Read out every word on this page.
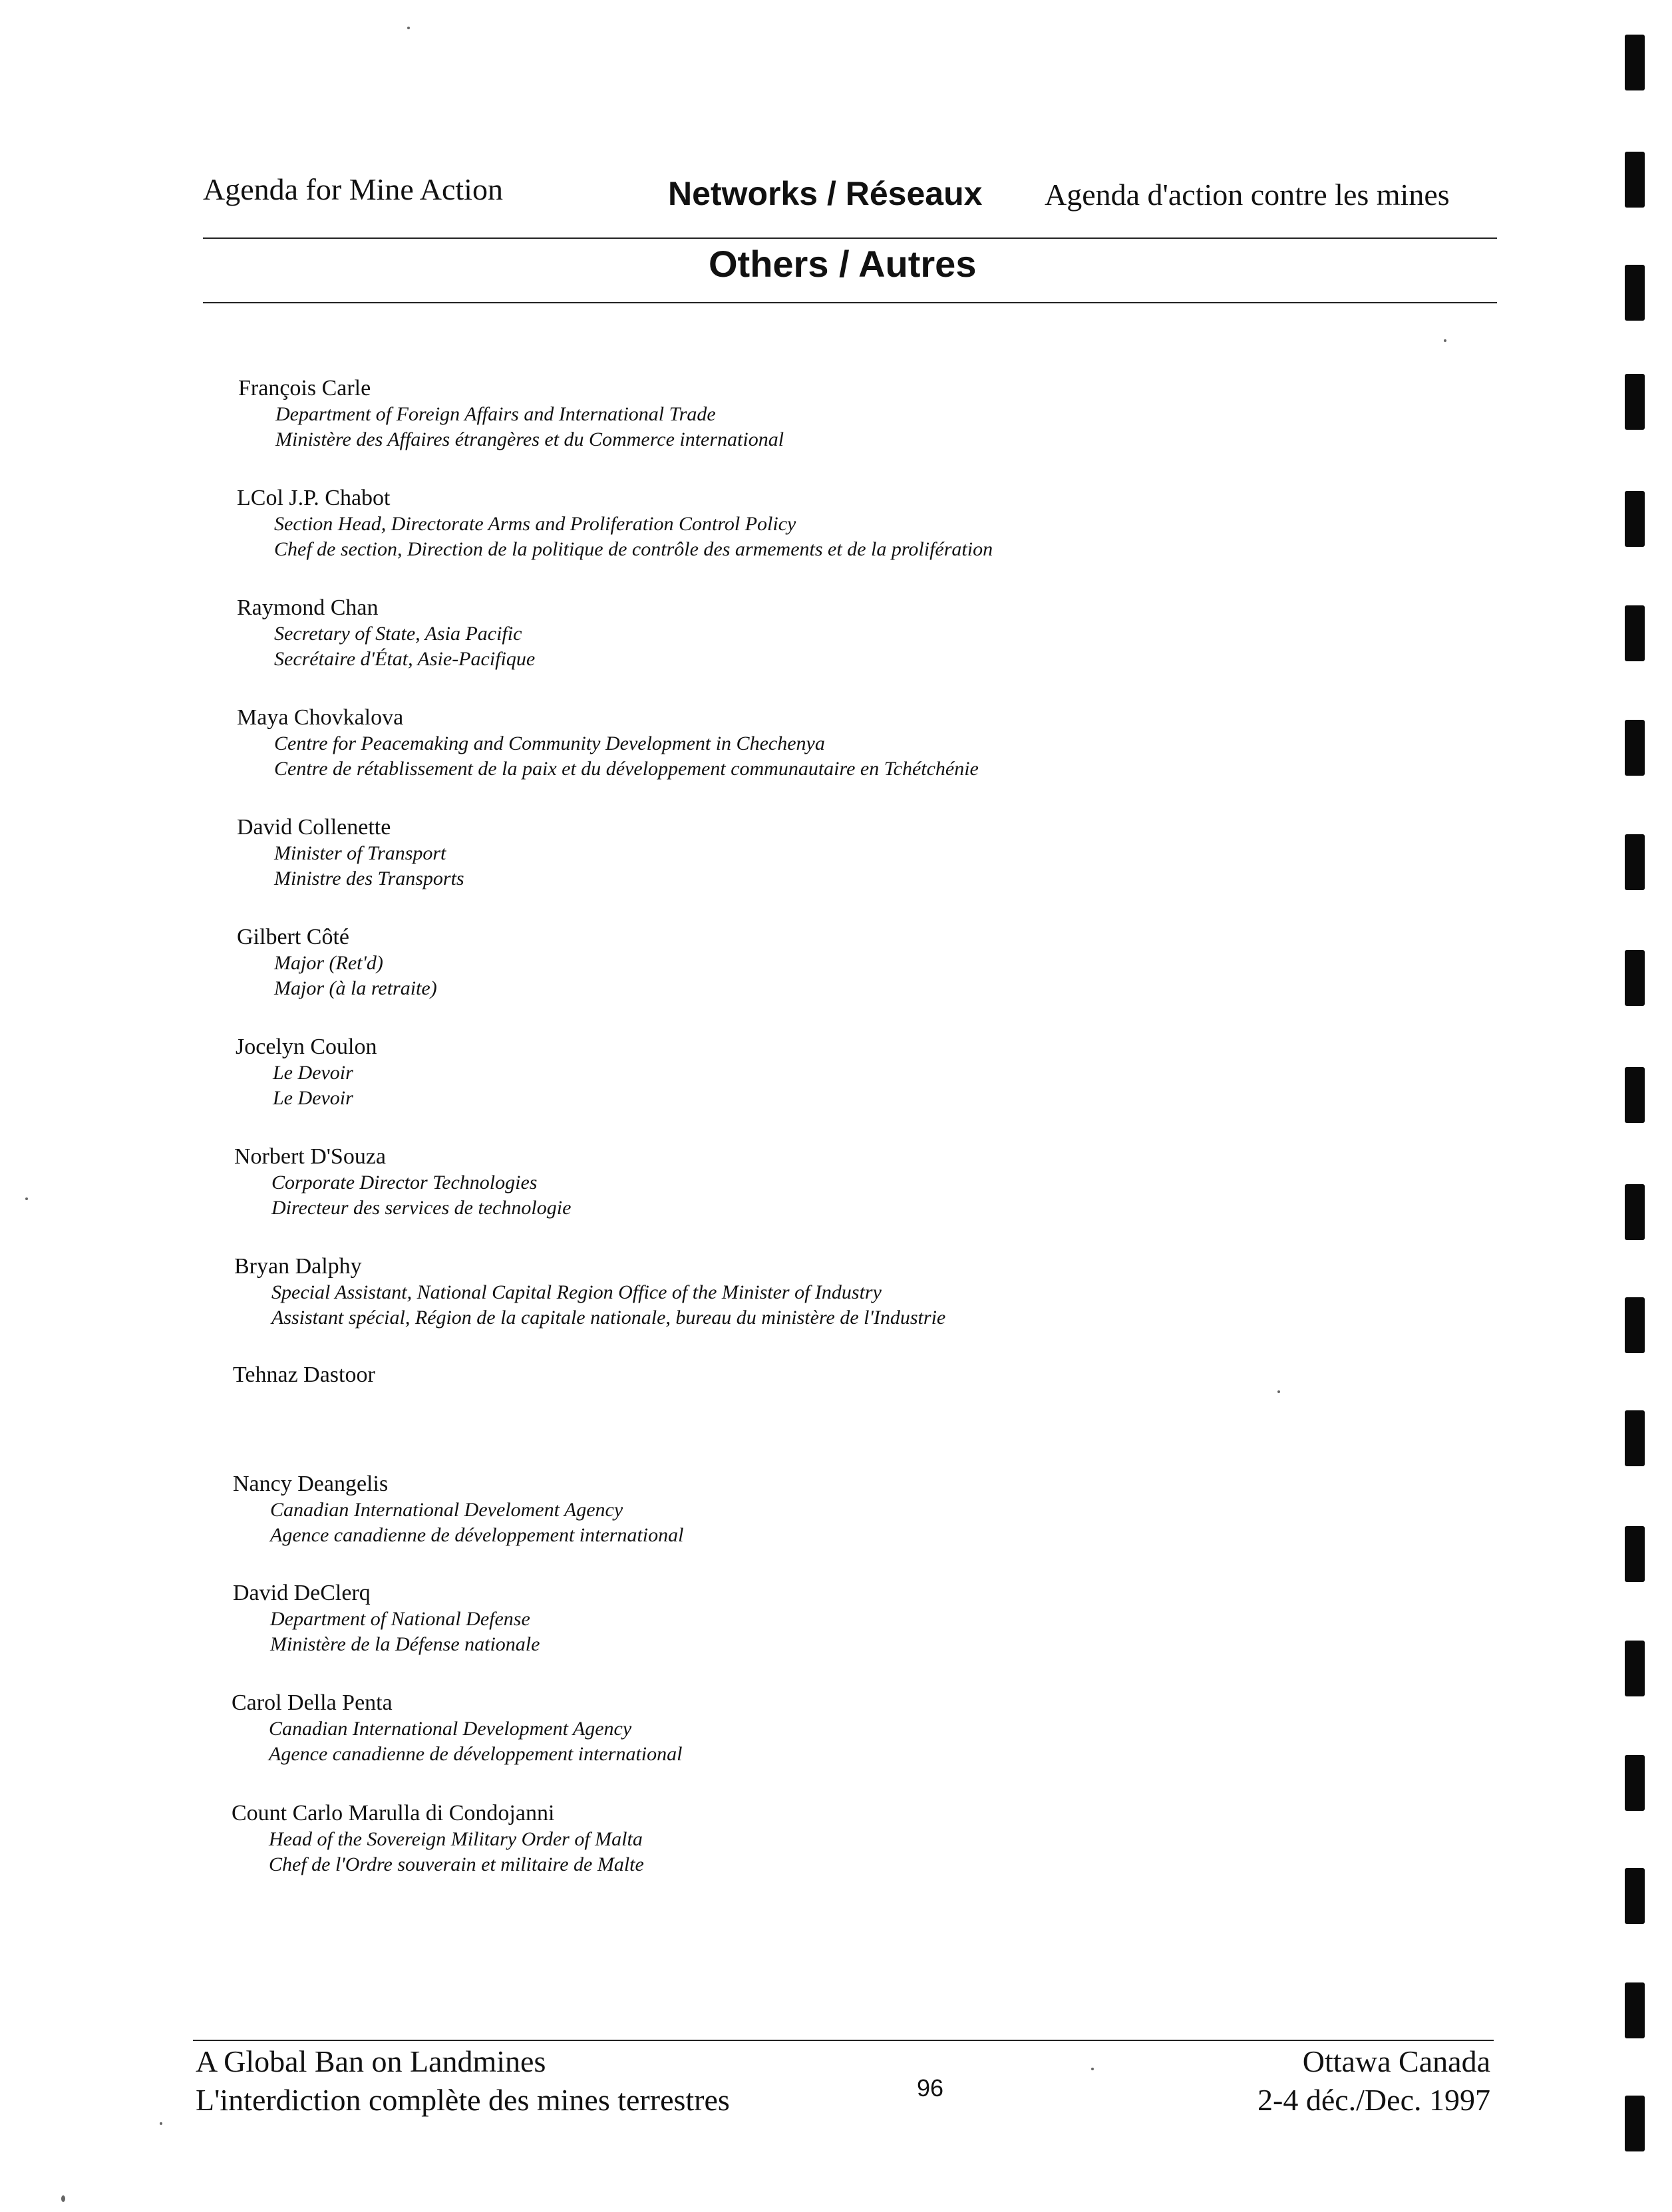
Agenda for Mine Action	Networks / Réseaux Agenda d'action contre les mines
Others / Autres
François Carle
Department of Foreign Affairs and International Trade
Ministère des Affaires étrangères et du Commerce international
LCol J.P. Chabot
Section Head, Directorate Arms and Proliferation Control Policy
Chef de section, Direction de la politique de contrôle des armements et de la prolifération
Raymond Chan
Secretary of State, Asia Pacific
Secrétaire d'État, Asie-Pacifique
Maya Chovkalova
Centre for Peacemaking and Community Development in Chechenya
Centre de rétablissement de la paix et du développement communautaire en Tchétchénie
David Collenette
Minister of Transport
Ministre des Transports
Gilbert Côté
Major (Ret'd)
Major (à la retraite)
Jocelyn Coulon
Le Devoir
Le Devoir
Norbert D'Souza
Corporate Director Technologies
Directeur des services de technologie
Bryan Dalphy
Special Assistant, National Capital Region Office of the Minister of Industry
Assistant spécial, Région de la capitale nationale, bureau du ministère de l'Industrie
Tehnaz Dastoor
Nancy Deangelis
Canadian International Develoment Agency
Agence canadienne de développement international
David DeClerq
Department of National Defense
Ministère de la Défense nationale
Carol Della Penta
Canadian International Development Agency
Agence canadienne de développement international
Count Carlo Marulla di Condojanni
Head of the Sovereign Military Order of Malta
Chef de l'Ordre souverain et militaire de Malte
A Global Ban on Landmines
L'interdiction complète des mines terrestres	96
Ottawa Canada
2-4 déc./Dec. 1997
